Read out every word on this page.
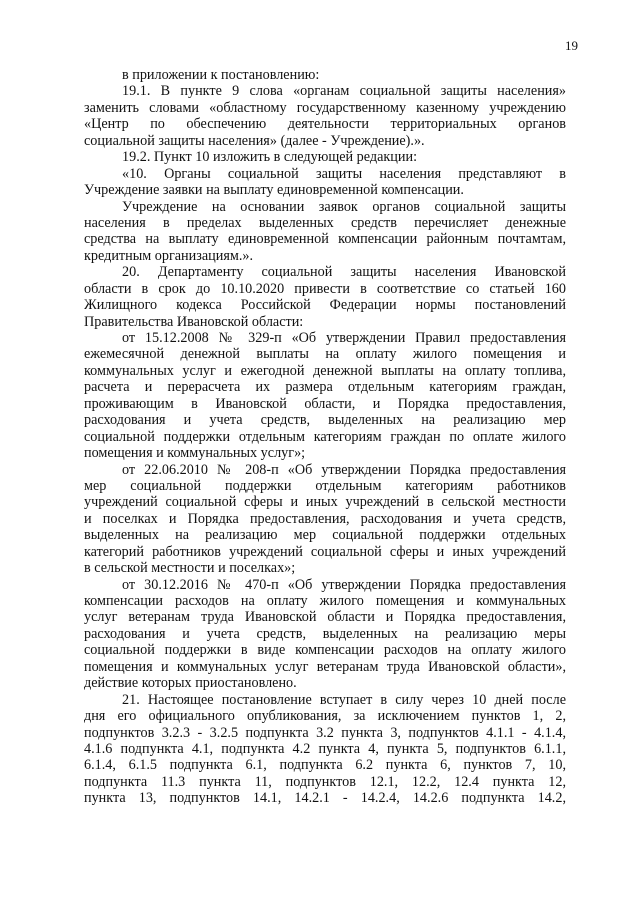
19
в приложении к постановлению:
19.1. В пункте 9 слова «органам социальной защиты населения»
заменить словами «областному государственному казенному учреждению
«Центр по обеспечению деятельности территориальных органов
социальной защиты населения» (далее - Учреждение).».
19.2. Пункт 10 изложить в следующей редакции:
«10. Органы социальной защиты населения представляют в
Учреждение заявки на выплату единовременной компенсации.
Учреждение на основании заявок органов социальной защиты
населения в пределах выделенных средств перечисляет денежные
средства на выплату единовременной компенсации районным почтамтам,
кредитным организациям.».
20. Департаменту социальной защиты населения Ивановской
области в срок до 10.10.2020 привести в соответствие со статьей 160
Жилищного кодекса Российской Федерации нормы постановлений
Правительства Ивановской области:
от 15.12.2008 № 329-п «Об утверждении Правил предоставления
ежемесячной денежной выплаты на оплату жилого помещения и
коммунальных услуг и ежегодной денежной выплаты на оплату топлива,
расчета и перерасчета их размера отдельным категориям граждан,
проживающим в Ивановской области, и Порядка предоставления,
расходования и учета средств, выделенных на реализацию мер
социальной поддержки отдельным категориям граждан по оплате жилого
помещения и коммунальных услуг»;
от 22.06.2010 № 208-п «Об утверждении Порядка предоставления
мер социальной поддержки отдельным категориям работников
учреждений социальной сферы и иных учреждений в сельской местности
и поселках и Порядка предоставления, расходования и учета средств,
выделенных на реализацию мер социальной поддержки отдельных
категорий работников учреждений социальной сферы и иных учреждений
в сельской местности и поселках»;
от 30.12.2016 № 470-п «Об утверждении Порядка предоставления
компенсации расходов на оплату жилого помещения и коммунальных
услуг ветеранам труда Ивановской области и Порядка предоставления,
расходования и учета средств, выделенных на реализацию меры
социальной поддержки в виде компенсации расходов на оплату жилого
помещения и коммунальных услуг ветеранам труда Ивановской области»,
действие которых приостановлено.
21. Настоящее постановление вступает в силу через 10 дней после
дня его официального опубликования, за исключением пунктов 1, 2,
подпунктов 3.2.3 - 3.2.5 подпункта 3.2 пункта 3, подпунктов 4.1.1 - 4.1.4,
4.1.6 подпункта 4.1, подпункта 4.2 пункта 4, пункта 5, подпунктов 6.1.1,
6.1.4, 6.1.5 подпункта 6.1, подпункта 6.2 пункта 6, пунктов 7, 10,
подпункта 11.3 пункта 11, подпунктов 12.1, 12.2, 12.4 пункта 12,
пункта 13, подпунктов 14.1, 14.2.1 - 14.2.4, 14.2.6 подпункта 14.2,
